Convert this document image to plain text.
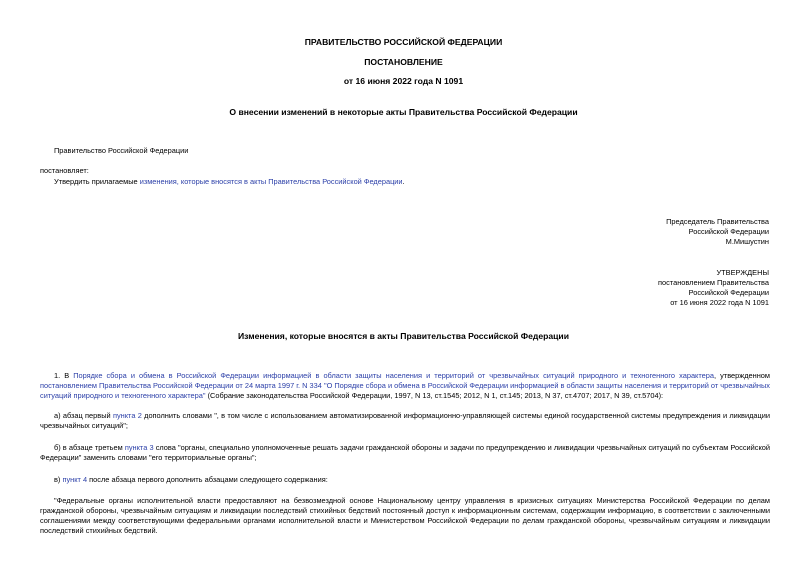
ПРАВИТЕЛЬСТВО РОССИЙСКОЙ ФЕДЕРАЦИИ
ПОСТАНОВЛЕНИЕ
от 16 июня 2022 года N 1091
О внесении изменений в некоторые акты Правительства Российской Федерации
Правительство Российской Федерации
постановляет:
Утвердить прилагаемые изменения, которые вносятся в акты Правительства Российской Федерации.
Председатель Правительства
Российской Федерации
М.Мишустин
УТВЕРЖДЕНЫ
постановлением Правительства
Российской Федерации
от 16 июня 2022 года N 1091
Изменения, которые вносятся в акты Правительства Российской Федерации
1. В Порядке сбора и обмена в Российской Федерации информацией в области защиты населения и территорий от чрезвычайных ситуаций природного и техногенного характера, утвержденном постановлением Правительства Российской Федерации от 24 марта 1997 г. N 334 "О Порядке сбора и обмена в Российской Федерации информацией в области защиты населения и территорий от чрезвычайных ситуаций природного и техногенного характера" (Собрание законодательства Российской Федерации, 1997, N 13, ст.1545; 2012, N 1, ст.145; 2013, N 37, ст.4707; 2017, N 39, ст.5704):
а) абзац первый пункта 2 дополнить словами ", в том числе с использованием автоматизированной информационно-управляющей системы единой государственной системы предупреждения и ликвидации чрезвычайных ситуаций";
б) в абзаце третьем пункта 3 слова "органы, специально уполномоченные решать задачи гражданской обороны и задачи по предупреждению и ликвидации чрезвычайных ситуаций по субъектам Российской Федерации" заменить словами "его территориальные органы";
в) пункт 4 после абзаца первого дополнить абзацами следующего содержания:
"Федеральные органы исполнительной власти предоставляют на безвозмездной основе Национальному центру управления в кризисных ситуациях Министерства Российской Федерации по делам гражданской обороны, чрезвычайным ситуациям и ликвидации последствий стихийных бедствий постоянный доступ к информационным системам, содержащим информацию, в соответствии с заключенными соглашениями между соответствующими федеральными органами исполнительной власти и Министерством Российской Федерации по делам гражданской обороны, чрезвычайным ситуациям и ликвидации последствий стихийных бедствий.
